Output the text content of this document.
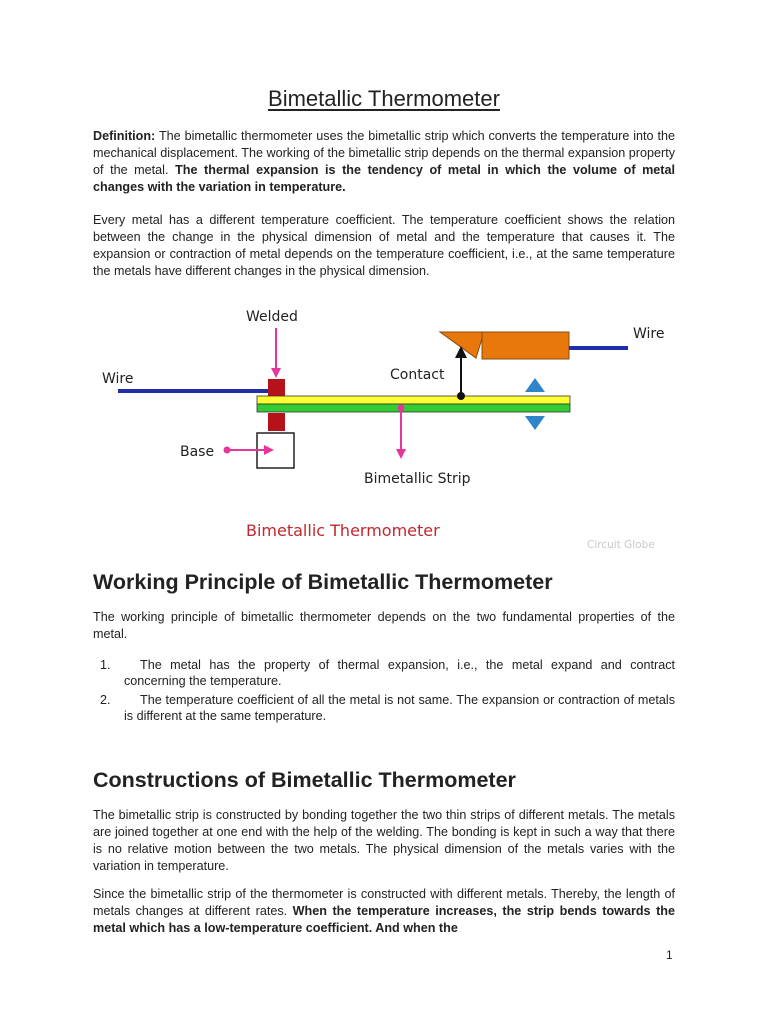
Bimetallic Thermometer

Definition: The bimetallic thermometer uses the bimetallic strip which converts the temperature into the mechanical displacement. The working of the bimetallic strip depends on the thermal expansion property of the metal. The thermal expansion is the tendency of metal in which the volume of metal changes with the variation in temperature.

Every metal has a different temperature coefficient. The temperature coefficient shows the relation between the change in the physical dimension of metal and the temperature that causes it. The expansion or contraction of metal depends on the temperature coefficient, i.e., at the same temperature the metals have different changes in the physical dimension.

Welded
Wire
Wire
Contact
Base
Bimetallic Strip
Bimetallic Thermometer
Circuit Globe
Working Principle of Bimetallic Thermometer

The working principle of bimetallic thermometer depends on the two fundamental properties of the metal.

1.	The metal has the property of thermal expansion, i.e., the metal expand and contract concerning the temperature.
2.	The temperature coefficient of all the metal is not same. The expansion or contraction of metals is different at the same temperature.
Constructions of Bimetallic Thermometer

The bimetallic strip is constructed by bonding together the two thin strips of different metals. The metals are joined together at one end with the help of the welding. The bonding is kept in such a way that there is no relative motion between the two metals. The physical dimension of the metals varies with the variation in temperature.

Since the bimetallic strip of the thermometer is constructed with different metals. Thereby, the length of metals changes at different rates. When the temperature increases, the strip bends towards the metal which has a low-temperature coefficient. And when the

1
